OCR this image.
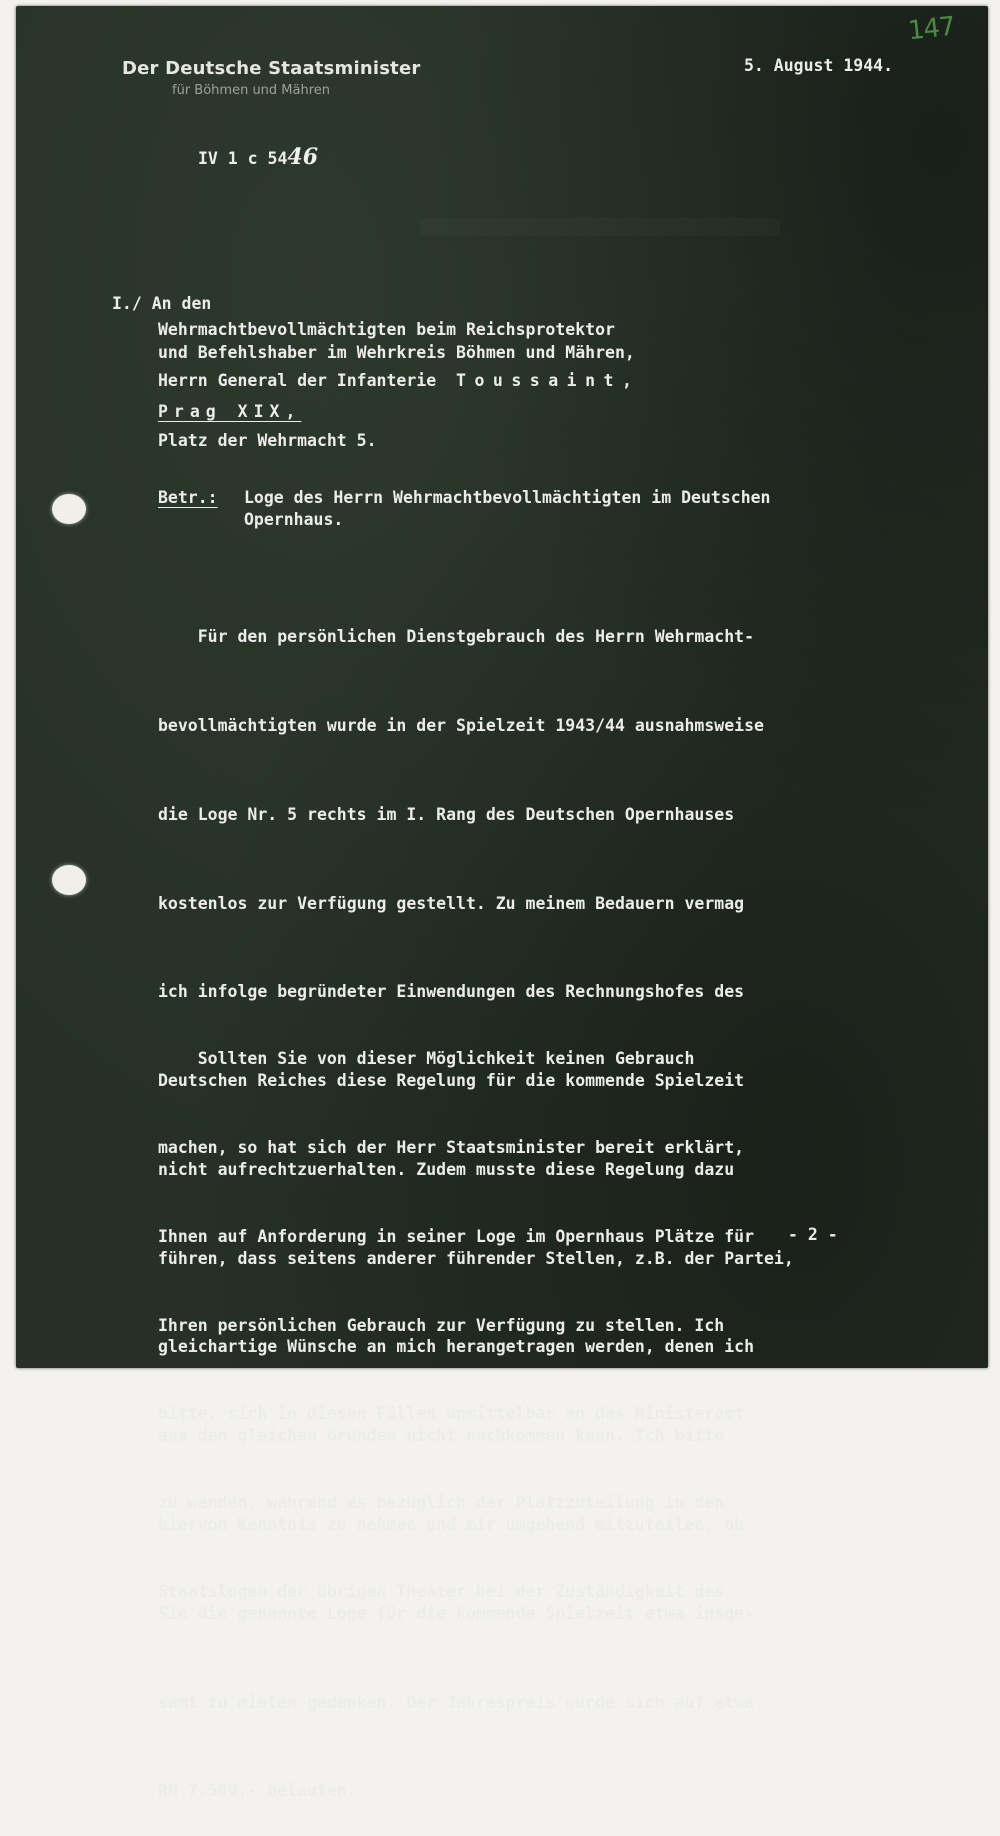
147
Der Deutsche Staatsminister
für Böhmen und Mähren
5. August 1944.
IV 1 c 5446
I./ An den
Wehrmachtbevollmächtigten beim Reichsprotektor
und Befehlshaber im Wehrkreis Böhmen und Mähren,
Herrn General der Infanterie Toussaint,
Prag XIX,
Platz der Wehrmacht 5.
Betr.: Loge des Herrn Wehrmachtbevollmächtigten im Deutschen
Opernhaus.

Für den persönlichen Dienstgebrauch des Herrn Wehrmacht-

bevollmächtigten wurde in der Spielzeit 1943/44 ausnahmsweise

die Loge Nr. 5 rechts im I. Rang des Deutschen Opernhauses

kostenlos zur Verfügung gestellt. Zu meinem Bedauern vermag

ich infolge begründeter Einwendungen des Rechnungshofes des

Deutschen Reiches diese Regelung für die kommende Spielzeit

nicht aufrechtzuerhalten. Zudem musste diese Regelung dazu

führen, dass seitens anderer führender Stellen, z.B. der Partei,

gleichartige Wünsche an mich herangetragen werden, denen ich

aus den gleichen Gründen nicht nachkommen kann. Ich bitte

hiervon Kenntnis zu nehmen und mir umgehend mitzuteilen, ob

Sie die genannte Loge für die kommende Spielzeit etwa insge-

samt zu mieten gedenken. Der Jahrespreis würde sich auf etwa

RM 7.500.- belaufen.

Sollten Sie von dieser Möglichkeit keinen Gebrauch

machen, so hat sich der Herr Staatsminister bereit erklärt,

Ihnen auf Anforderung in seiner Loge im Opernhaus Plätze für

Ihren persönlichen Gebrauch zur Verfügung zu stellen. Ich

bitte, sich in diesen Fällen unmittelbar an das Ministeramt

zu wenden, während es bezüglich der Platzzuteilung in den

Staatslogen der übrigen Theater bei der Zuständigkeit des

- 2 -
